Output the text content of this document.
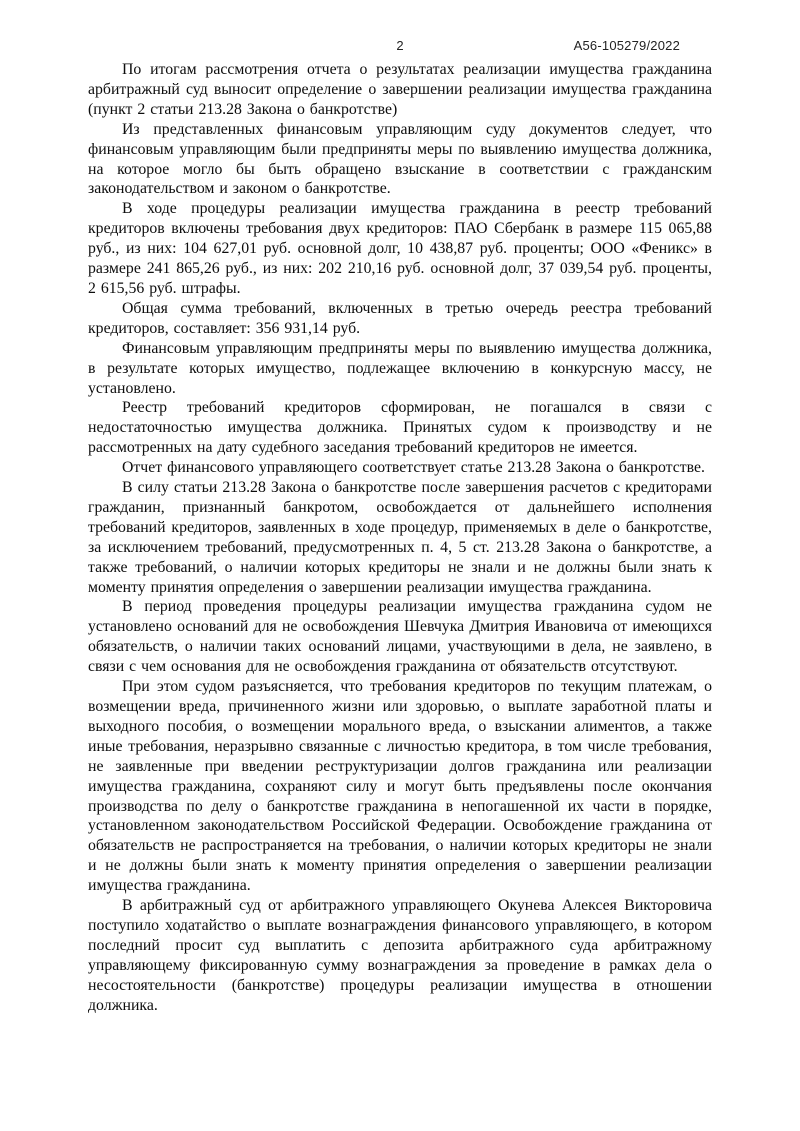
2	А56-105279/2022

По итогам рассмотрения отчета о результатах реализации имущества гражданина арбитражный суд выносит определение о завершении реализации имущества гражданина (пункт 2 статьи 213.28 Закона о банкротстве)

Из представленных финансовым управляющим суду документов следует, что финансовым управляющим были предприняты меры по выявлению имущества должника, на которое могло бы быть обращено взыскание в соответствии с гражданским законодательством и законом о банкротстве.

В ходе процедуры реализации имущества гражданина в реестр требований кредиторов включены требования двух кредиторов: ПАО Сбербанк в размере 115 065,88 руб., из них: 104 627,01 руб. основной долг, 10 438,87 руб. проценты; ООО «Феникс» в размере 241 865,26 руб., из них: 202 210,16 руб. основной долг, 37 039,54 руб. проценты, 2 615,56 руб. штрафы.

Общая сумма требований, включенных в третью очередь реестра требований кредиторов, составляет: 356 931,14 руб.

Финансовым управляющим предприняты меры по выявлению имущества должника, в результате которых имущество, подлежащее включению в конкурсную массу, не установлено.

Реестр требований кредиторов сформирован, не погашался в связи с недостаточностью имущества должника. Принятых судом к производству и не рассмотренных на дату судебного заседания требований кредиторов не имеется.

Отчет финансового управляющего соответствует статье 213.28 Закона о банкротстве.

В силу статьи 213.28 Закона о банкротстве после завершения расчетов с кредиторами гражданин, признанный банкротом, освобождается от дальнейшего исполнения требований кредиторов, заявленных в ходе процедур, применяемых в деле о банкротстве, за исключением требований, предусмотренных п. 4, 5 ст. 213.28 Закона о банкротстве, а также требований, о наличии которых кредиторы не знали и не должны были знать к моменту принятия определения о завершении реализации имущества гражданина.

В период проведения процедуры реализации имущества гражданина судом не установлено оснований для не освобождения Шевчука Дмитрия Ивановича от имеющихся обязательств, о наличии таких оснований лицами, участвующими в дела, не заявлено, в связи с чем основания для не освобождения гражданина от обязательств отсутствуют.

При этом судом разъясняется, что требования кредиторов по текущим платежам, о возмещении вреда, причиненного жизни или здоровью, о выплате заработной платы и выходного пособия, о возмещении морального вреда, о взыскании алиментов, а также иные требования, неразрывно связанные с личностью кредитора, в том числе требования, не заявленные при введении реструктуризации долгов гражданина или реализации имущества гражданина, сохраняют силу и могут быть предъявлены после окончания производства по делу о банкротстве гражданина в непогашенной их части в порядке, установленном законодательством Российской Федерации. Освобождение гражданина от обязательств не распространяется на требования, о наличии которых кредиторы не знали и не должны были знать к моменту принятия определения о завершении реализации имущества гражданина.

В арбитражный суд от арбитражного управляющего Окунева Алексея Викторовича поступило ходатайство о выплате вознаграждения финансового управляющего, в котором последний просит суд выплатить с депозита арбитражного суда арбитражному управляющему фиксированную сумму вознаграждения за проведение в рамках дела о несостоятельности (банкротстве) процедуры реализации имущества в отношении должника.
